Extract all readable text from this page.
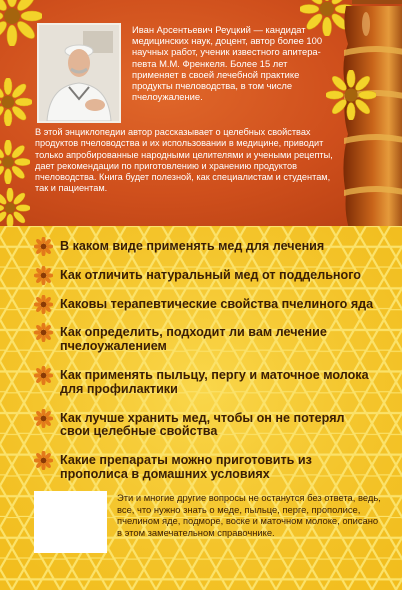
Иван Арсентьевич Реуцкий — кандидат медицинских наук, доцент, автор более 100 научных работ, ученик известного апитера-певта М.М. Френкеля. Более 15 лет применяет в своей лечебной практике продукты пчеловодства, в том числе пчелоужаление.
В этой энциклопедии автор рассказывает о целебных свойствах продуктов пчеловодства и их использовании в медицине, приводит только апробированные народными целителями и учеными рецепты, дает рекомендации по приготовлению и хранению продуктов пчеловодства. Книга будет полезной, как специалистам и студентам, так и пациентам.
В каком виде применять мед для лечения
Как отличить натуральный мед от поддельного
Каковы терапевтические свойства пчелиного яда
Как определить, подходит ли вам лечение пчелоужалением
Как применять пыльцу, пергу и маточное молока для профилактики
Как лучше хранить мед, чтобы он не потерял свои целебные свойства
Какие препараты можно приготовить из прополиса в домашних условиях
Эти и многие другие вопросы не останутся без ответа, ведь, все, что нужно знать о меде, пыльце, перге, прополисе, пчелином яде, подморе, воске и маточном молоке, описано в этом замечательном справочнике.
